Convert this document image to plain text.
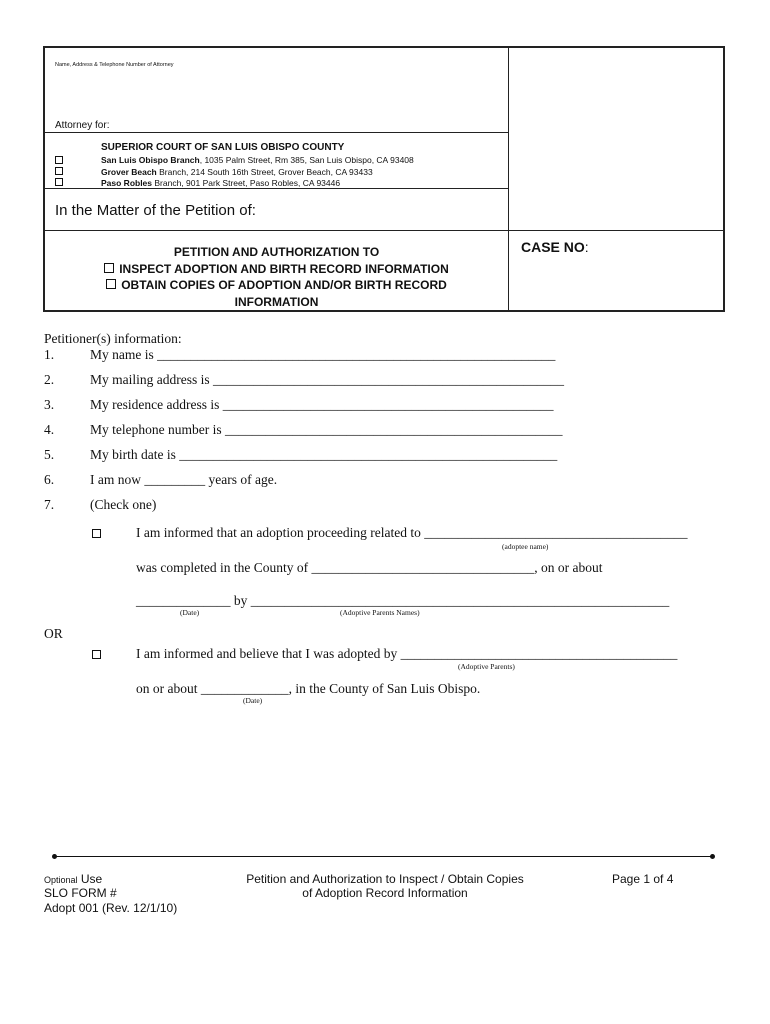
Name, Address & Telephone Number of Attorney
Attorney for:
SUPERIOR COURT OF SAN LUIS OBISPO COUNTY
San Luis Obispo Branch, 1035 Palm Street, Rm 385, San Luis Obispo, CA 93408
Grover Beach Branch, 214 South 16th Street, Grover Beach, CA 93433
Paso Robles Branch, 901 Park Street, Paso Robles, CA 93446
In the Matter of the Petition of:
PETITION AND AUTHORIZATION TO
INSPECT ADOPTION AND BIRTH RECORD INFORMATION
OBTAIN COPIES OF ADOPTION AND/OR BIRTH RECORD
INFORMATION
CASE NO:
Petitioner(s) information:
1.	My name is ___________________________________________________________
2.	My mailing address is ____________________________________________________
3.	My residence address is _________________________________________________
4.	My telephone number is __________________________________________________
5.	My birth date is ________________________________________________________
6.	I am now _________ years of age.
7.	(Check one)
I am informed that an adoption proceeding related to _______________________________________
(adoptee name)
was completed in the County of _________________________________, on or about
______________ by ______________________________________________________________
(Date)	(Adoptive Parents Names)
OR
I am informed and believe that I was adopted by _________________________________________
(Adoptive Parents)
on or about _____________, in the County of San Luis Obispo.
(Date)
Optional Use
SLO FORM #
Adopt 001 (Rev. 12/1/10)
Petition and Authorization to Inspect / Obtain Copies
of Adoption Record Information
Page 1 of 4
